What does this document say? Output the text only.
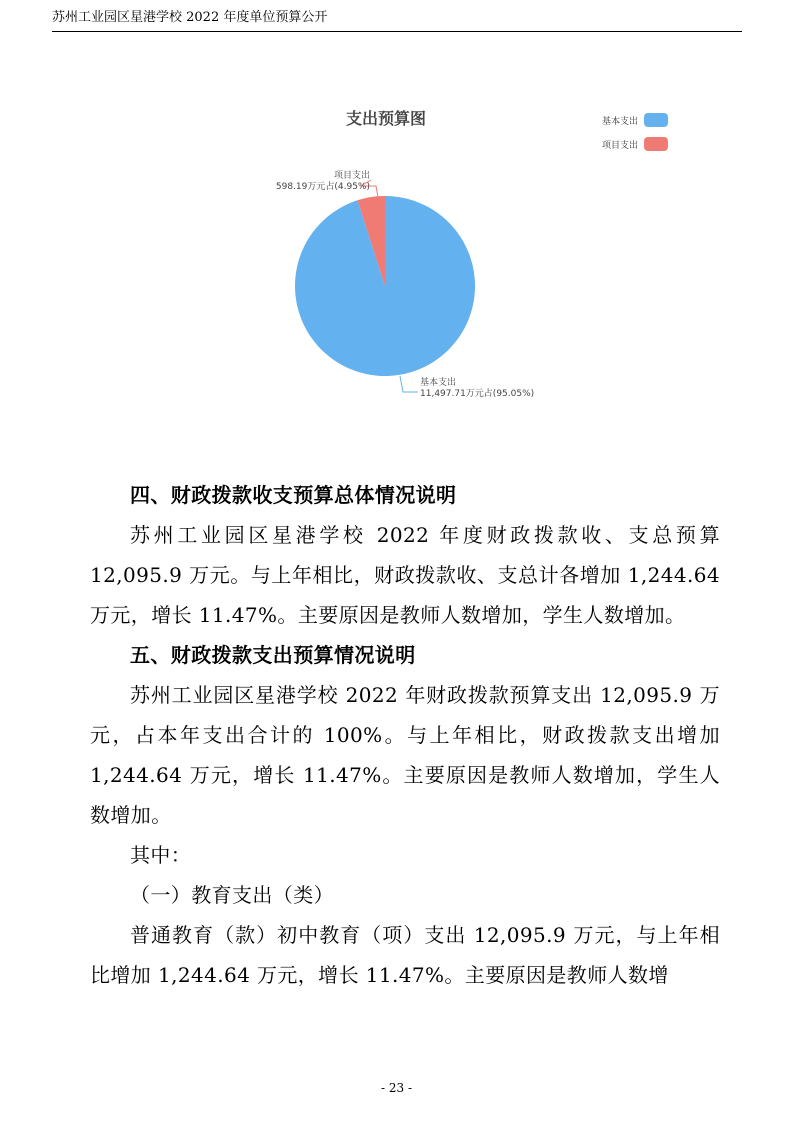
苏州工业园区星港学校 2022 年度单位预算公开
支出预算图	基本支出
项目支出
项目支出
598.19万元占(4.95%)
基本支出
11,497.71万元占(95.05%)

四、财政拨款收支预算总体情况说明

苏州工业园区星港学校 2022 年度财政拨款收、支总预算 12,095.9 万元。与上年相比，财政拨款收、支总计各增加 1,244.64 万元，增长 11.47%。主要原因是教师人数增加，学生人数增加。

五、财政拨款支出预算情况说明

苏州工业园区星港学校 2022 年财政拨款预算支出 12,095.9 万元，占本年支出合计的 100%。与上年相比，财政拨款支出增加 1,244.64 万元，增长 11.47%。主要原因是教师人数增加，学生人数增加。

其中：

（一）教育支出（类）

普通教育（款）初中教育（项）支出 12,095.9 万元，与上年相比增加 1,244.64 万元，增长 11.47%。主要原因是教师人数增

- 23 -
